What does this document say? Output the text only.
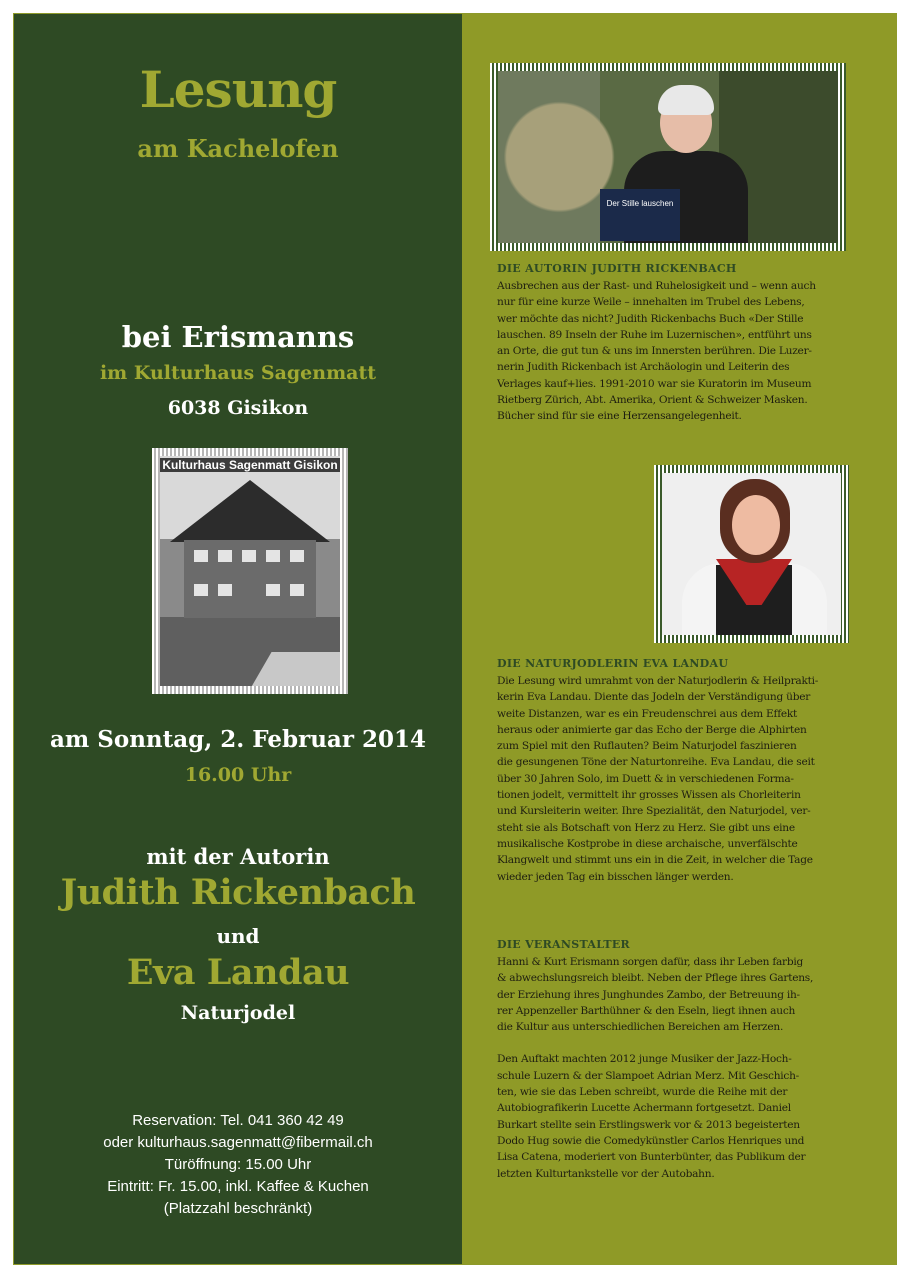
Lesung
am Kachelofen
bei Erismanns
im Kulturhaus Sagenmatt
6038 Gisikon
Kulturhaus Sagenmatt Gisikon
am Sonntag, 2. Februar 2014
16.00 Uhr
mit der Autorin
Judith Rickenbach
und
Eva Landau
Naturjodel
Reservation: Tel. 041 360 42 49
oder kulturhaus.sagenmatt@fibermail.ch
Türöffnung: 15.00 Uhr
Eintritt: Fr. 15.00, inkl. Kaffee & Kuchen
(Platzzahl beschränkt)
Der Stille lauschen
DIE AUTORIN JUDITH RICKENBACH
Ausbrechen aus der Rast- und Ruhelosigkeit und – wenn auch
nur für eine kurze Weile – innehalten im Trubel des Lebens,
wer möchte das nicht? Judith Rickenbachs Buch «Der Stille
lauschen. 89 Inseln der Ruhe im Luzernischen», entführt uns
an Orte, die gut tun & uns im Innersten berühren. Die Luzer-
nerin Judith Rickenbach ist Archäologin und Leiterin des
Verlages kauf+lies. 1991-2010 war sie Kuratorin im Museum
Rietberg Zürich, Abt. Amerika, Orient & Schweizer Masken.
Bücher sind für sie eine Herzensangelegenheit.
DIE NATURJODLERIN EVA LANDAU
Die Lesung wird umrahmt von der Naturjodlerin & Heilprakti-
kerin Eva Landau. Diente das Jodeln der Verständigung über
weite Distanzen, war es ein Freudenschrei aus dem Effekt
heraus oder animierte gar das Echo der Berge die Alphirten
zum Spiel mit den Ruflauten? Beim Naturjodel faszinieren
die gesungenen Töne der Naturtonreihe. Eva Landau, die seit
über 30 Jahren Solo, im Duett & in verschiedenen Forma-
tionen jodelt, vermittelt ihr grosses Wissen als Chorleiterin
und Kursleiterin weiter. Ihre Spezialität, den Naturjodel, ver-
steht sie als Botschaft von Herz zu Herz. Sie gibt uns eine
musikalische Kostprobe in diese archaische, unverfälschte
Klangwelt und stimmt uns ein in die Zeit, in welcher die Tage
wieder jeden Tag ein bisschen länger werden.
DIE VERANSTALTER
Hanni & Kurt Erismann sorgen dafür, dass ihr Leben farbig
& abwechslungsreich bleibt. Neben der Pflege ihres Gartens,
der Erziehung ihres Junghundes Zambo, der Betreuung ih-
rer Appenzeller Barthühner & den Eseln, liegt ihnen auch
die Kultur aus unterschiedlichen Bereichen am Herzen.
Den Auftakt machten 2012 junge Musiker der Jazz-Hoch-
schule Luzern & der Slampoet Adrian Merz. Mit Geschich-
ten, wie sie das Leben schreibt, wurde die Reihe mit der
Autobiografikerin Lucette Achermann fortgesetzt. Daniel
Burkart stellte sein Erstlingswerk vor & 2013 begeisterten
Dodo Hug sowie die Comedykünstler Carlos Henriques und
Lisa Catena, moderiert von Bunterbünter, das Publikum der
letzten Kulturtankstelle vor der Autobahn.
